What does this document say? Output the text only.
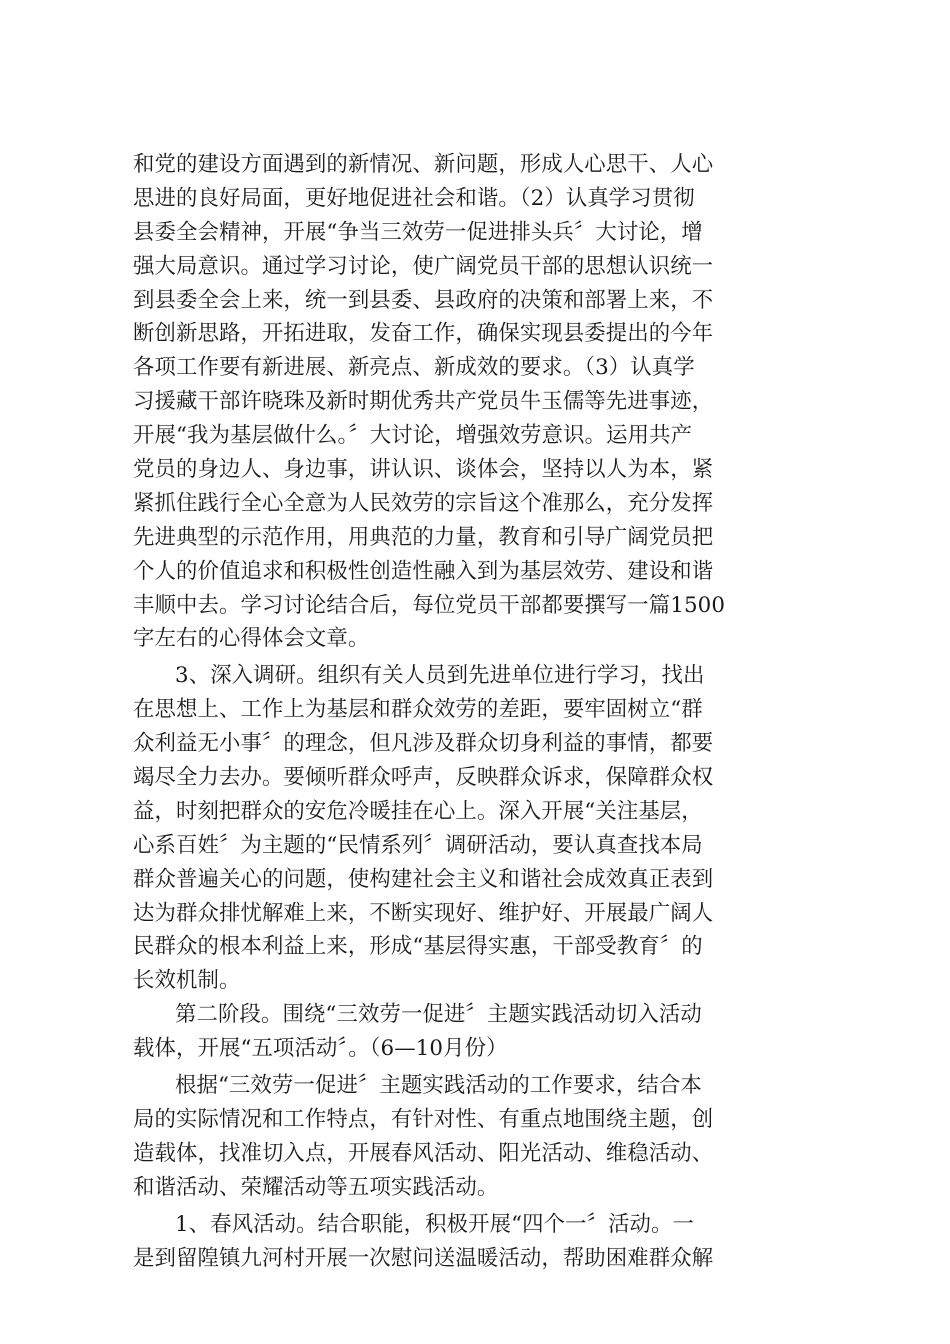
和党的建设方面遇到的新情况、新问题，形成人心思干、人心
思进的良好局面，更好地促进社会和谐。（2）认真学习贯彻
县委全会精神，开展“争当三效劳一促进排头兵〞大讨论，增
强大局意识。通过学习讨论，使广阔党员干部的思想认识统一
到县委全会上来，统一到县委、县政府的决策和部署上来，不
断创新思路，开拓进取，发奋工作，确保实现县委提出的今年
各项工作要有新进展、新亮点、新成效的要求。（3）认真学
习援藏干部许晓珠及新时期优秀共产党员牛玉儒等先进事迹，
开展“我为基层做什么。〞大讨论，增强效劳意识。运用共产
党员的身边人、身边事，讲认识、谈体会，坚持以人为本，紧
紧抓住践行全心全意为人民效劳的宗旨这个准那么，充分发挥
先进典型的示范作用，用典范的力量，教育和引导广阔党员把
个人的价值追求和积极性创造性融入到为基层效劳、建设和谐
丰顺中去。学习讨论结合后，每位党员干部都要撰写一篇1500
字左右的心得体会文章。
3、深入调研。组织有关人员到先进单位进行学习，找出
在思想上、工作上为基层和群众效劳的差距，要牢固树立“群
众利益无小事〞的理念，但凡涉及群众切身利益的事情，都要
竭尽全力去办。要倾听群众呼声，反映群众诉求，保障群众权
益，时刻把群众的安危冷暖挂在心上。深入开展“关注基层，
心系百姓〞为主题的“民情系列〞调研活动，要认真查找本局
群众普遍关心的问题，使构建社会主义和谐社会成效真正表到
达为群众排忧解难上来，不断实现好、维护好、开展最广阔人
民群众的根本利益上来，形成“基层得实惠，干部受教育〞的
长效机制。
第二阶段。围绕“三效劳一促进〞主题实践活动切入活动
载体，开展“五项活动〞。（6—10月份）
根据“三效劳一促进〞主题实践活动的工作要求，结合本
局的实际情况和工作特点，有针对性、有重点地围绕主题，创
造载体，找准切入点，开展春风活动、阳光活动、维稳活动、
和谐活动、荣耀活动等五项实践活动。
1、春风活动。结合职能，积极开展“四个一〞活动。一
是到留隍镇九河村开展一次慰问送温暖活动，帮助困难群众解
